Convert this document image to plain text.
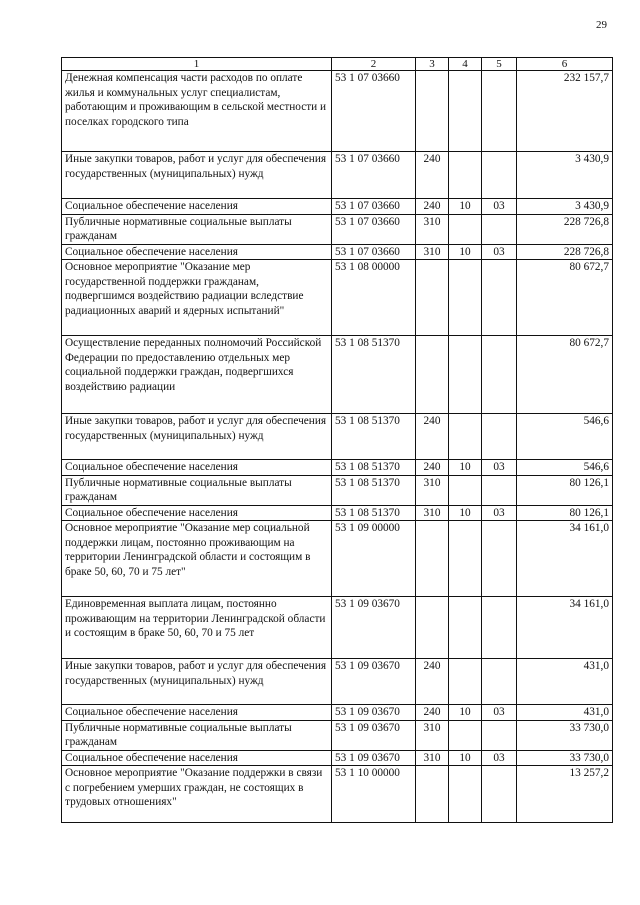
29
1	2	3	4	5	6
Денежная компенсация части расходов по оплате жилья и коммунальных услуг специалистам, работающим и проживающим в сельской местности и поселках городского типа	53 1 07 03660				232 157,7
Иные закупки товаров, работ и услуг для обеспечения государственных (муниципальных) нужд	53 1 07 03660	240			3 430,9
Социальное обеспечение населения	53 1 07 03660	240	10	03	3 430,9
Публичные нормативные социальные выплаты гражданам	53 1 07 03660	310			228 726,8
Социальное обеспечение населения	53 1 07 03660	310	10	03	228 726,8
Основное мероприятие "Оказание мер государственной поддержки гражданам, подвергшимся воздействию радиации вследствие радиационных аварий и ядерных испытаний"	53 1 08 00000				80 672,7
Осуществление переданных полномочий Российской Федерации по предоставлению отдельных мер социальной поддержки граждан, подвергшихся воздействию радиации	53 1 08 51370				80 672,7
Иные закупки товаров, работ и услуг для обеспечения государственных (муниципальных) нужд	53 1 08 51370	240			546,6
Социальное обеспечение населения	53 1 08 51370	240	10	03	546,6
Публичные нормативные социальные выплаты гражданам	53 1 08 51370	310			80 126,1
Социальное обеспечение населения	53 1 08 51370	310	10	03	80 126,1
Основное мероприятие "Оказание мер социальной поддержки лицам, постоянно проживающим на территории Ленинградской области и состоящим в браке 50, 60, 70 и 75 лет"	53 1 09 00000				34 161,0
Единовременная выплата лицам, постоянно проживающим на территории Ленинградской области и состоящим в браке 50, 60, 70 и 75 лет	53 1 09 03670				34 161,0
Иные закупки товаров, работ и услуг для обеспечения государственных (муниципальных) нужд	53 1 09 03670	240			431,0
Социальное обеспечение населения	53 1 09 03670	240	10	03	431,0
Публичные нормативные социальные выплаты гражданам	53 1 09 03670	310			33 730,0
Социальное обеспечение населения	53 1 09 03670	310	10	03	33 730,0
Основное мероприятие "Оказание поддержки в связи с погребением умерших граждан, не состоящих в трудовых отношениях"	53 1 10 00000				13 257,2
